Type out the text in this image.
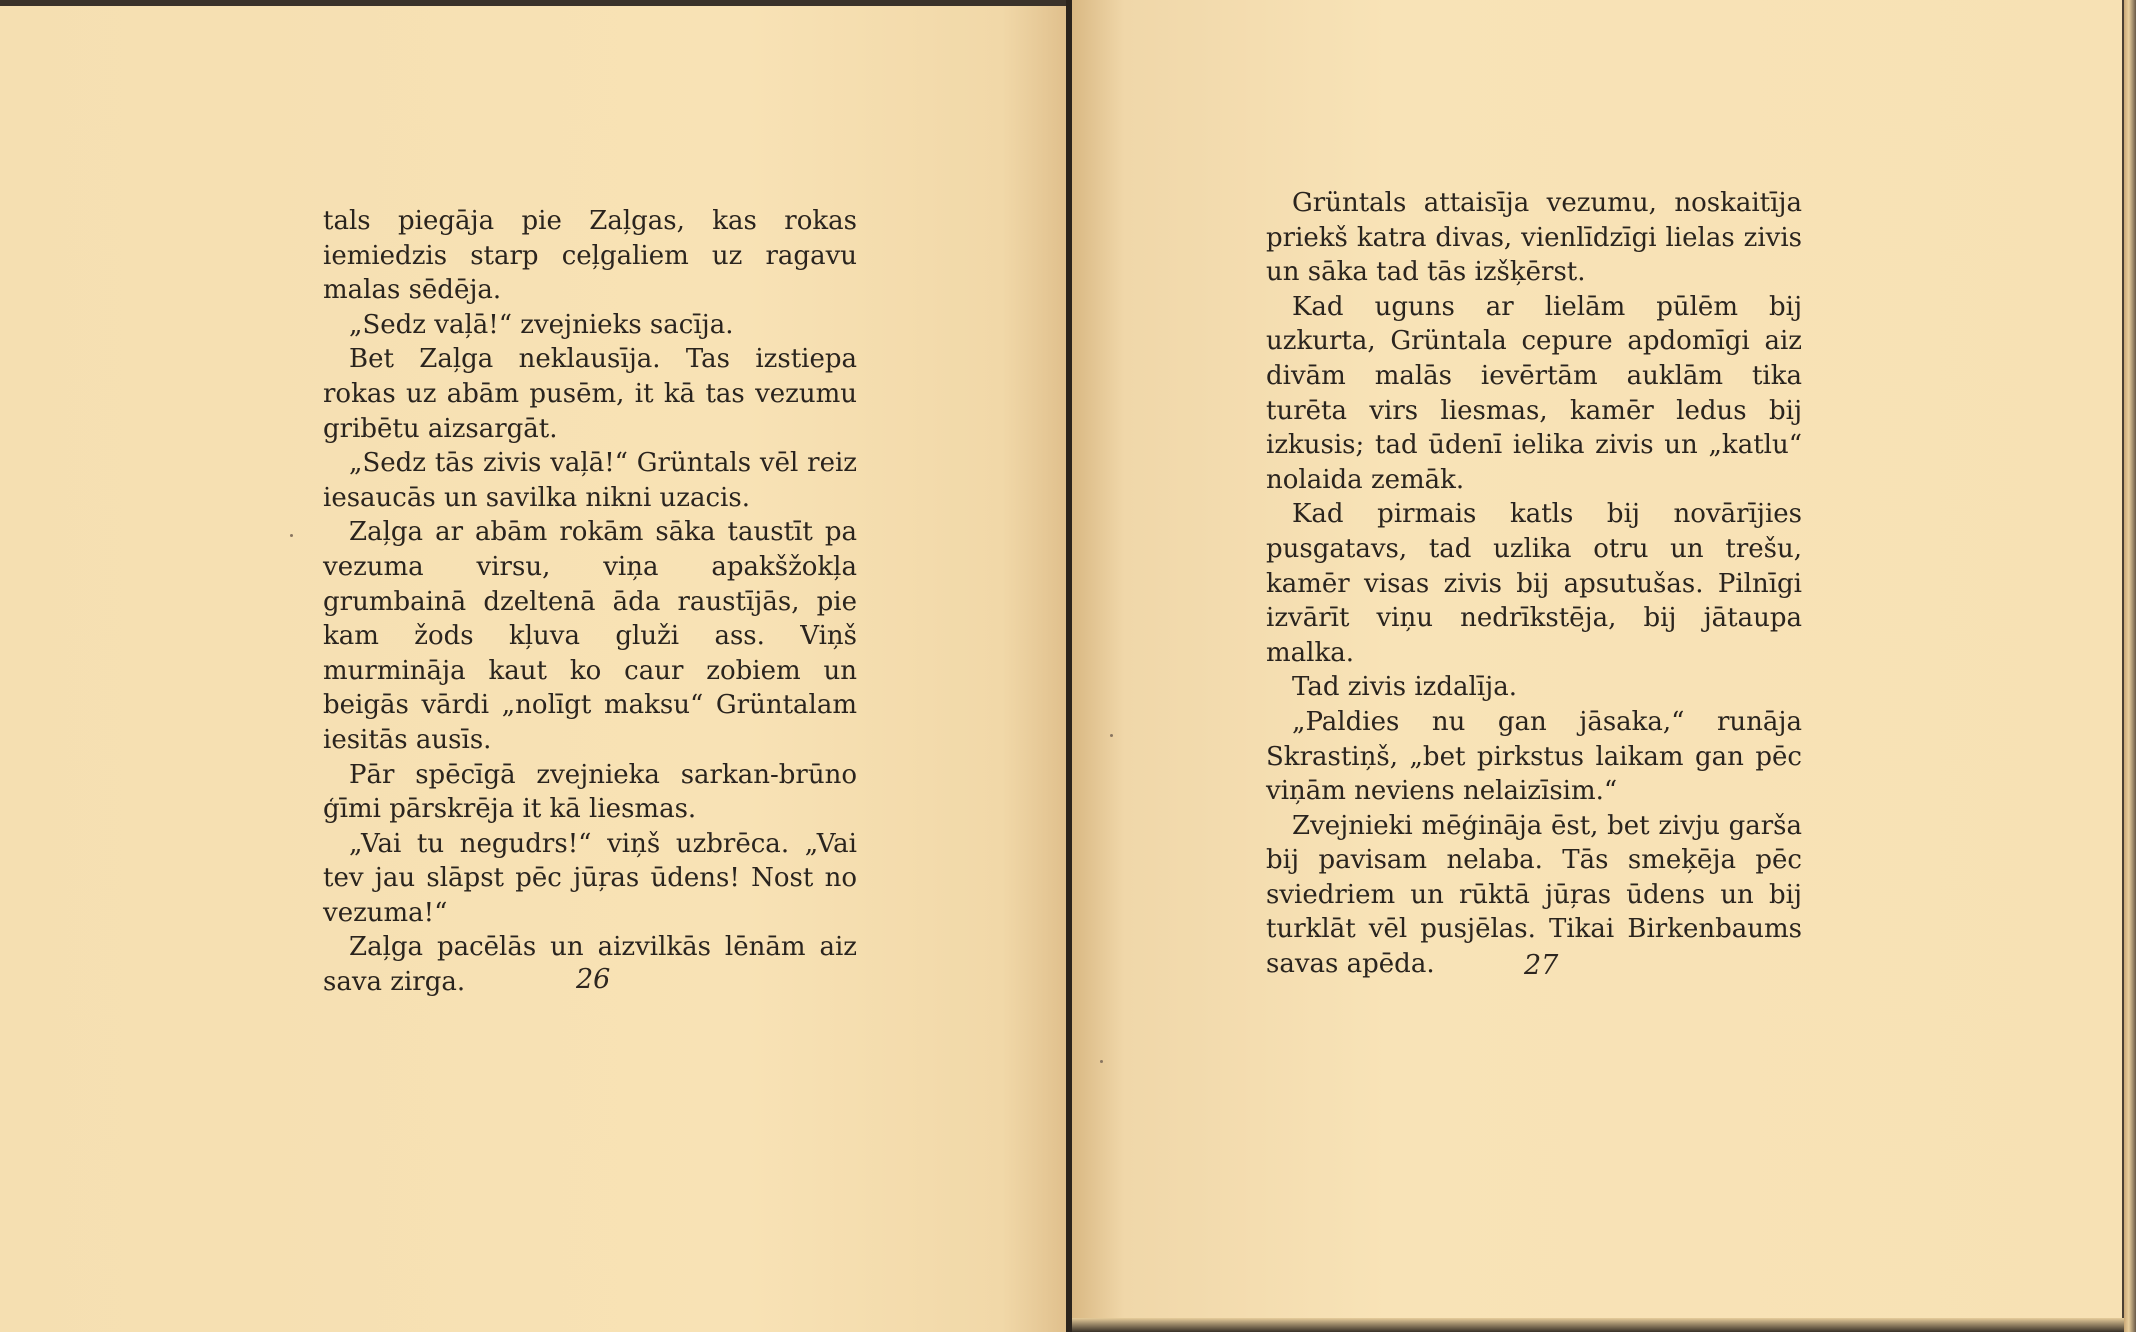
tals piegāja pie Zaļgas, kas rokas iemiedzis starp ceļgaliem uz ragavu malas sēdēja.

„Sedz vaļā!“ zvejnieks sacīja.

Bet Zaļga neklausīja. Tas izstiepa rokas uz abām pusēm, it kā tas vezumu gribētu aizsargāt.

„Sedz tās zivis vaļā!“ Grüntals vēl reiz iesaucās un savilka nikni uzacis.

Zaļga ar abām rokām sāka taustīt pa vezuma virsu, viņa apakšžokļa grumbainā dzeltenā āda raustījās, pie kam žods kļuva gluži ass. Viņš murmināja kaut ko caur zobiem un beigās vārdi „nolīgt maksu“ Grüntalam iesitās ausīs.

Pār spēcīgā zvejnieka sarkan-brūno ģīmi pārskrēja it kā liesmas.

„Vai tu negudrs!“ viņš uzbrēca. „Vai tev jau slāpst pēc jūŗas ūdens! Nost no vezuma!“

Zaļga pacēlās un aizvilkās lēnām aiz sava zirga.	26

Grüntals attaisīja vezumu, noskaitīja priekš katra divas, vienlīdzīgi lielas zivis un sāka tad tās izšķērst.

Kad uguns ar lielām pūlēm bij uzkurta, Grüntala cepure apdomīgi aiz divām malās ievērtām auklām tika turēta virs liesmas, kamēr ledus bij izkusis; tad ūdenī ielika zivis un „katlu“ nolaida zemāk.

Kad pirmais katls bij novārījies pusgatavs, tad uzlika otru un trešu, kamēr visas zivis bij apsutušas. Pilnīgi izvārīt viņu nedrīkstēja, bij jātaupa malka.

Tad zivis izdalīja.

„Paldies nu gan jāsaka,“ runāja Skrastiņš, „bet pirkstus laikam gan pēc viņām neviens nelaizīsim.“

Zvejnieki mēģināja ēst, bet zivju garša bij pavisam nelaba. Tās smeķēja pēc sviedriem un rūktā jūŗas ūdens un bij turklāt vēl pusjēlas. Tikai Birkenbaums savas apēda.	27
